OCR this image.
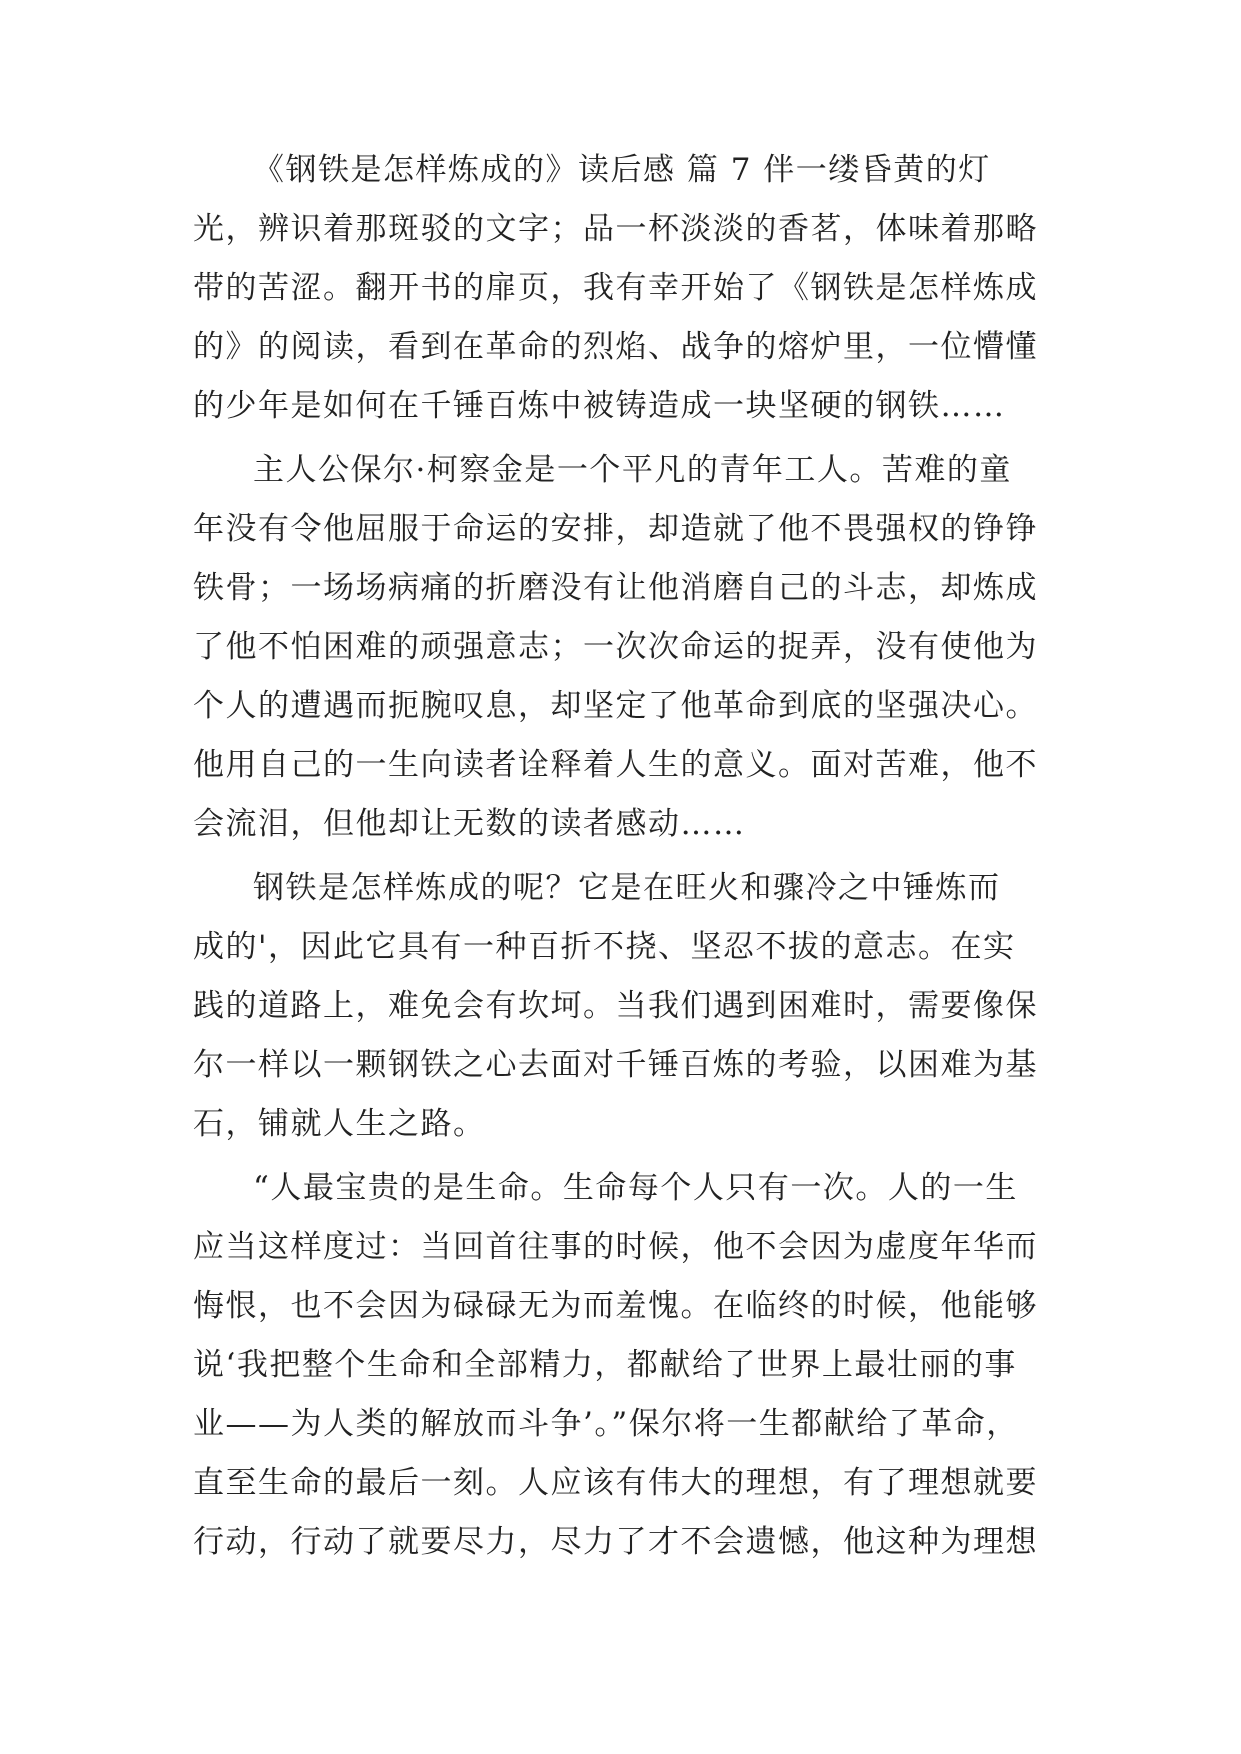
《钢铁是怎样炼成的》读后感 篇 7 伴一缕昏黄的灯
光，辨识着那斑驳的文字；品一杯淡淡的香茗，体味着那略
带的苦涩。翻开书的扉页，我有幸开始了《钢铁是怎样炼成
的》的阅读，看到在革命的烈焰、战争的熔炉里，一位懵懂
的少年是如何在千锤百炼中被铸造成一块坚硬的钢铁……
主人公保尔·柯察金是一个平凡的青年工人。苦难的童
年没有令他屈服于命运的安排，却造就了他不畏强权的铮铮
铁骨；一场场病痛的折磨没有让他消磨自己的斗志，却炼成
了他不怕困难的顽强意志；一次次命运的捉弄，没有使他为
个人的遭遇而扼腕叹息，却坚定了他革命到底的坚强决心。
他用自己的一生向读者诠释着人生的意义。面对苦难，他不
会流泪，但他却让无数的读者感动……
钢铁是怎样炼成的呢？它是在旺火和骤冷之中锤炼而
成的'，因此它具有一种百折不挠、坚忍不拔的意志。在实
践的道路上，难免会有坎坷。当我们遇到困难时，需要像保
尔一样以一颗钢铁之心去面对千锤百炼的考验，以困难为基
石，铺就人生之路。
“人最宝贵的是生命。生命每个人只有一次。人的一生
应当这样度过：当回首往事的时候，他不会因为虚度年华而
悔恨，也不会因为碌碌无为而羞愧。在临终的时候，他能够
说‘我把整个生命和全部精力，都献给了世界上最壮丽的事
业——为人类的解放而斗争’。”保尔将一生都献给了革命，
直至生命的最后一刻。人应该有伟大的理想，有了理想就要
行动，行动了就要尽力，尽力了才不会遗憾，他这种为理想
